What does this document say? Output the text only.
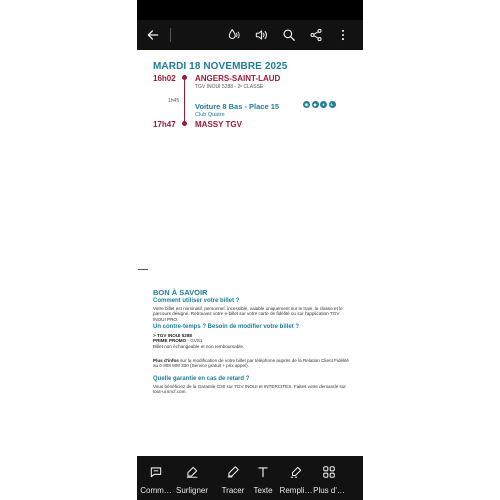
MARDI 18 NOVEMBRE 2025
16h02 ANGERS-SAINT-LAUD
TGV INOUI 5288 - 2ᵉ CLASSE
1h45
Voiture 8 Bas - Place 15
Club Quatre
◉	◆	●	♿
17h47 MASSY TGV
BON À SAVOIR
Comment utiliser votre billet ?
Votre billet est nominatif, personnel, incessible, valable uniquement sur le train, la classe et le parcours désigné. Retrouvez votre e-billet sur votre carte de fidélité ou sur l'application TGV INOUI PRO.
Un contre-temps ? Besoin de modifier votre billet ?
> TGV INOUI 5288
PRIME PROMO - GVS1
Billet non échangeable et non remboursable.
Plus d'infos sur la modification de votre billet par téléphone auprès de la Relation Client Fidélité au 0 808 808 330 (Service gratuit + prix appel).
Quelle garantie en cas de retard ?
Vous bénéficiez de la Garantie G30 sur TGV INOUI et INTERCITES. Faites votre demande sur tout-ui.sncf.com.
Comm… Surligner Tracer Texte Rempli… Plus d'…
